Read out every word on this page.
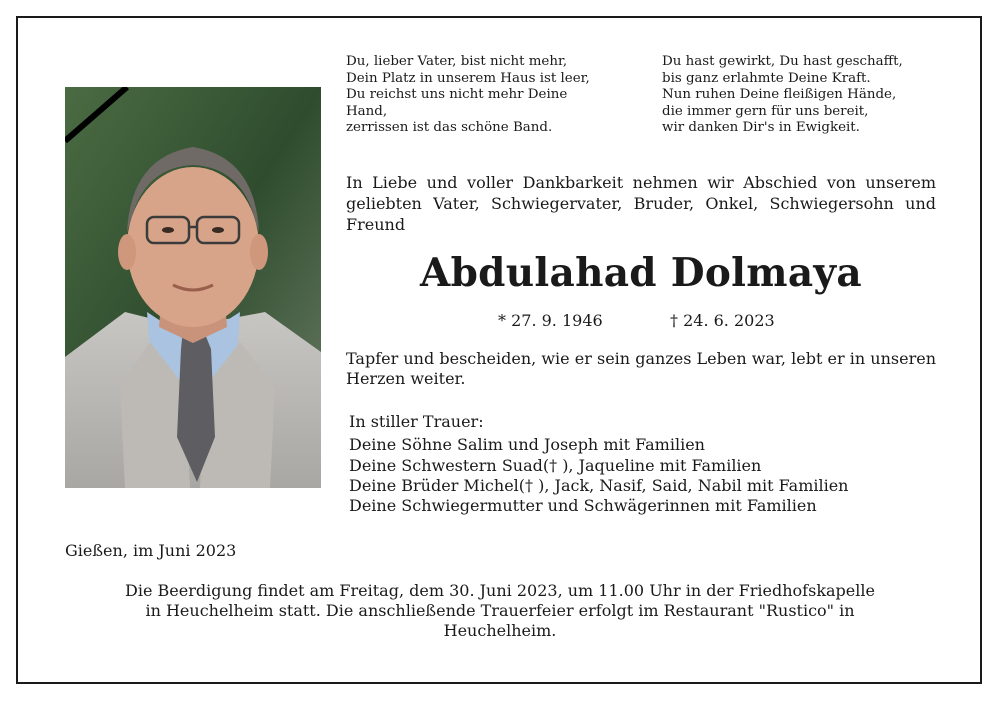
Du, lieber Vater, bist nicht mehr,
Dein Platz in unserem Haus ist leer,
Du reichst uns nicht mehr Deine
Hand,
zerrissen ist das schöne Band.
Du hast gewirkt, Du hast geschafft,
bis ganz erlahmte Deine Kraft.
Nun ruhen Deine fleißigen Hände,
die immer gern für uns bereit,
wir danken Dir's in Ewigkeit.
In Liebe und voller Dankbarkeit nehmen wir Abschied von unserem geliebten Vater, Schwiegervater, Bruder, Onkel, Schwiegersohn und Freund
Abdulahad Dolmaya
* 27. 9. 1946	† 24. 6. 2023
Tapfer und bescheiden, wie er sein ganzes Leben war, lebt er in unseren Herzen weiter.
In stiller Trauer:
Deine Söhne Salim und Joseph mit Familien
Deine Schwestern Suad(† ), Jaqueline mit Familien
Deine Brüder Michel(† ), Jack, Nasif, Said, Nabil mit Familien
Deine Schwiegermutter und Schwägerinnen mit Familien
Gießen, im Juni 2023
Die Beerdigung findet am Freitag, dem 30. Juni 2023, um 11.00 Uhr in der Friedhofskapelle
in Heuchelheim statt. Die anschließende Trauerfeier erfolgt im Restaurant "Rustico" in
Heuchelheim.
